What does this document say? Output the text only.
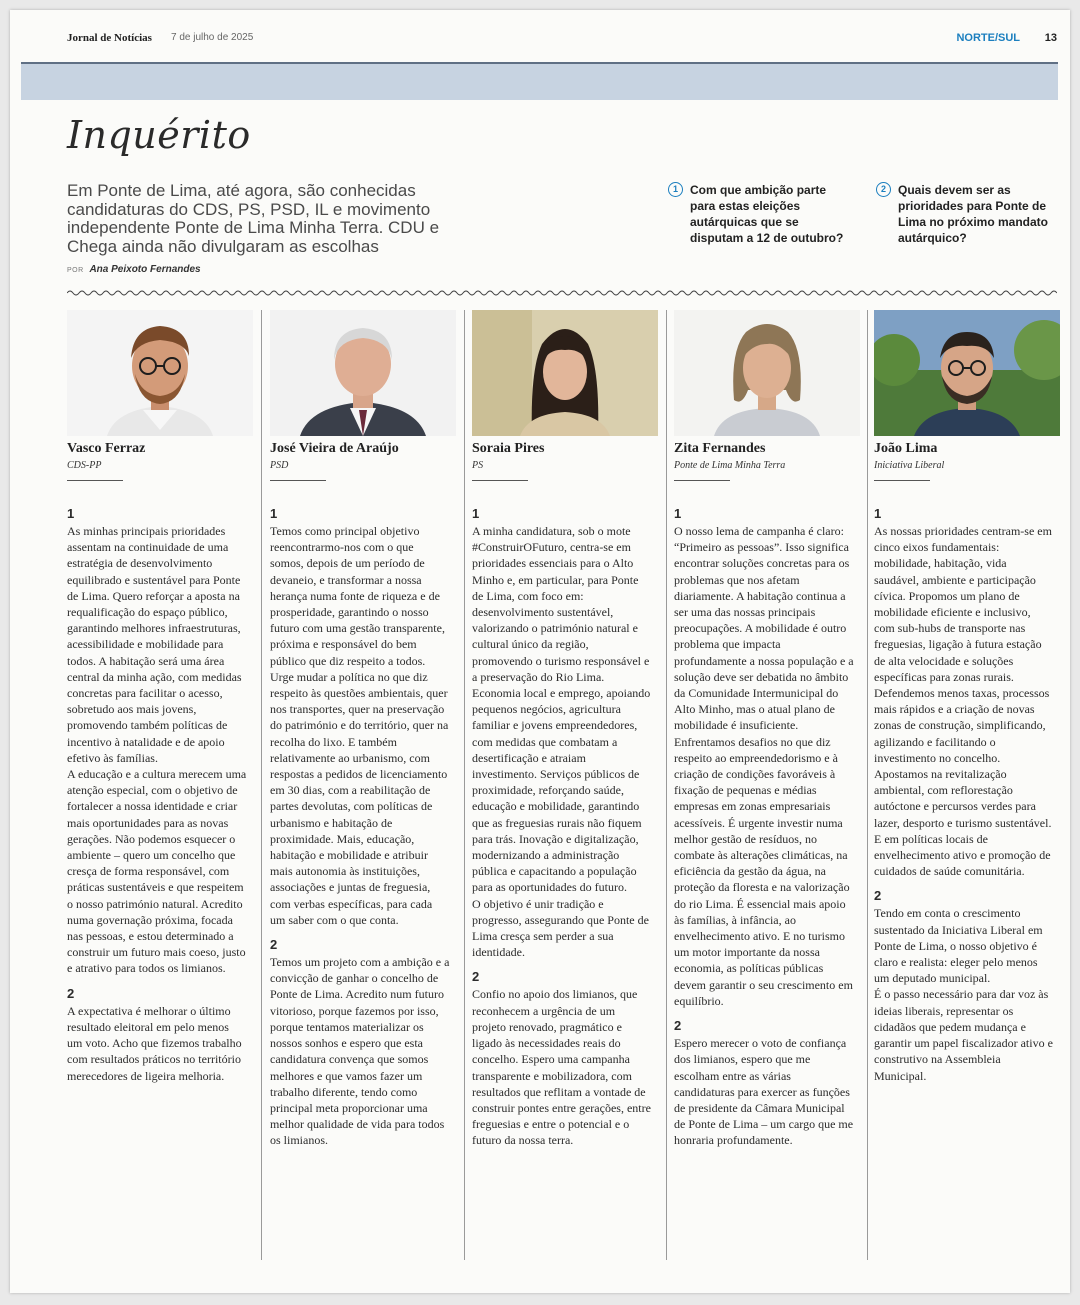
Jornal de Notícias 7 de julho de 2025	NORTE/SUL 13
Inquérito
Em Ponte de Lima, até agora, são conhecidas candidaturas do CDS, PS, PSD, IL e movimento independente Ponte de Lima Minha Terra. CDU e Chega ainda não divulgaram as escolhas
POR Ana Peixoto Fernandes
1	Com que ambição parte para estas eleições autárquicas que se disputam a 12 de outubro?
2	Quais devem ser as prioridades para Ponte de Lima no próximo mandato autárquico?
Vasco Ferraz
CDS-PP

1

As minhas principais prioridades assentam na continuidade de uma estratégia de desenvolvimento equilibrado e sustentável para Ponte de Lima. Quero reforçar a aposta na requalificação do espaço público, garantindo melhores infraestruturas, acessibilidade e mobilidade para todos. A habitação será uma área central da minha ação, com medidas concretas para facilitar o acesso, sobretudo aos mais jovens, promovendo também políticas de incentivo à natalidade e de apoio efetivo às famílias.

A educação e a cultura merecem uma atenção especial, com o objetivo de fortalecer a nossa identidade e criar mais oportunidades para as novas gerações. Não podemos esquecer o ambiente – quero um concelho que cresça de forma responsável, com práticas sustentáveis e que respeitem o nosso património natural. Acredito numa governação próxima, focada nas pessoas, e estou determinado a construir um futuro mais coeso, justo e atrativo para todos os limianos.

2

A expectativa é melhorar o último resultado eleitoral em pelo menos um voto. Acho que fizemos trabalho com resultados práticos no território merecedores de ligeira melhoria.

José Vieira de Araújo
PSD

1

Temos como principal objetivo reencontrarmo-nos com o que somos, depois de um período de devaneio, e transformar a nossa herança numa fonte de riqueza e de prosperidade, garantindo o nosso futuro com uma gestão transparente, próxima e responsável do bem público que diz respeito a todos.

Urge mudar a política no que diz respeito às questões ambientais, quer nos transportes, quer na preservação do património e do território, quer na recolha do lixo. E também relativamente ao urbanismo, com respostas a pedidos de licenciamento em 30 dias, com a reabilitação de partes devolutas, com políticas de urbanismo e habitação de proximidade. Mais, educação, habitação e mobilidade e atribuir mais autonomia às instituições, associações e juntas de freguesia, com verbas específicas, para cada um saber com o que conta.

2

Temos um projeto com a ambição e a convicção de ganhar o concelho de Ponte de Lima. Acredito num futuro vitorioso, porque fazemos por isso, porque tentamos materializar os nossos sonhos e espero que esta candidatura convença que somos melhores e que vamos fazer um trabalho diferente, tendo como principal meta proporcionar uma melhor qualidade de vida para todos os limianos.

Soraia Pires
PS

1

A minha candidatura, sob o mote #ConstruirOFuturo, centra-se em prioridades essenciais para o Alto Minho e, em particular, para Ponte de Lima, com foco em: desenvolvimento sustentável, valorizando o património natural e cultural único da região, promovendo o turismo responsável e a preservação do Rio Lima. Economia local e emprego, apoiando pequenos negócios, agricultura familiar e jovens empreendedores, com medidas que combatam a desertificação e atraiam investimento. Serviços públicos de proximidade, reforçando saúde, educação e mobilidade, garantindo que as freguesias rurais não fiquem para trás. Inovação e digitalização, modernizando a administração pública e capacitando a população para as oportunidades do futuro.

O objetivo é unir tradição e progresso, assegurando que Ponte de Lima cresça sem perder a sua identidade.

2

Confio no apoio dos limianos, que reconhecem a urgência de um projeto renovado, pragmático e ligado às necessidades reais do concelho. Espero uma campanha transparente e mobilizadora, com resultados que reflitam a vontade de construir pontes entre gerações, entre freguesias e entre o potencial e o futuro da nossa terra.

Zita Fernandes
Ponte de Lima Minha Terra

1

O nosso lema de campanha é claro: “Primeiro as pessoas”. Isso significa encontrar soluções concretas para os problemas que nos afetam diariamente. A habitação continua a ser uma das nossas principais preocupações. A mobilidade é outro problema que impacta profundamente a nossa população e a solução deve ser debatida no âmbito da Comunidade Intermunicipal do Alto Minho, mas o atual plano de mobilidade é insuficiente. Enfrentamos desafios no que diz respeito ao empreendedorismo e à criação de condições favoráveis à fixação de pequenas e médias empresas em zonas empresariais acessíveis. É urgente investir numa melhor gestão de resíduos, no combate às alterações climáticas, na eficiência da gestão da água, na proteção da floresta e na valorização do rio Lima. É essencial mais apoio às famílias, à infância, ao envelhecimento ativo. E no turismo um motor importante da nossa economia, as políticas públicas devem garantir o seu crescimento em equilíbrio.

2

Espero merecer o voto de confiança dos limianos, espero que me escolham entre as várias candidaturas para exercer as funções de presidente da Câmara Municipal de Ponte de Lima – um cargo que me honraria profundamente.

João Lima
Iniciativa Liberal

1

As nossas prioridades centram-se em cinco eixos fundamentais: mobilidade, habitação, vida saudável, ambiente e participação cívica. Propomos um plano de mobilidade eficiente e inclusivo, com sub-hubs de transporte nas freguesias, ligação à futura estação de alta velocidade e soluções específicas para zonas rurais. Defendemos menos taxas, processos mais rápidos e a criação de novas zonas de construção, simplificando, agilizando e facilitando o investimento no concelho. Apostamos na revitalização ambiental, com reflorestação autóctone e percursos verdes para lazer, desporto e turismo sustentável. E em políticas locais de envelhecimento ativo e promoção de cuidados de saúde comunitária.

2

Tendo em conta o crescimento sustentado da Iniciativa Liberal em Ponte de Lima, o nosso objetivo é claro e realista: eleger pelo menos um deputado municipal.

É o passo necessário para dar voz às ideias liberais, representar os cidadãos que pedem mudança e garantir um papel fiscalizador ativo e construtivo na Assembleia Municipal.
